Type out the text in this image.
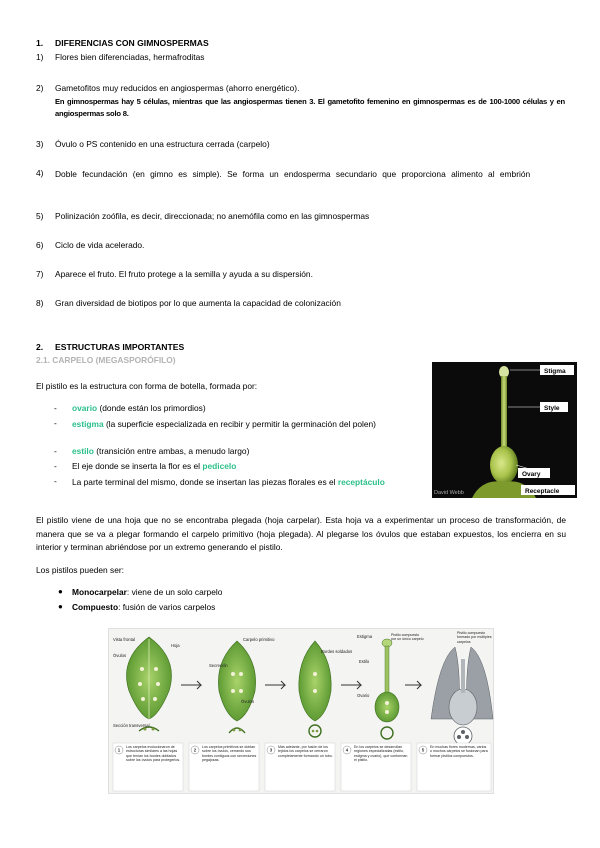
1. DIFERENCIAS CON GIMNOSPERMAS
1)	Flores bien diferenciadas, hermafroditas
2)	Gametofitos muy reducidos en angiospermas (ahorro energético).
En gimnospermas hay 5 células, mientras que las angiospermas tienen 3. El gametofito femenino en gimnospermas es de 100-1000 células y en angiospermas solo 8.
3)	Óvulo o PS contenido en una estructura cerrada (carpelo)
4)	Doble fecundación (en gimno es simple). Se forma un endosperma secundario que proporciona alimento al embrión
5)	Polinización zoófila, es decir, direccionada; no anemófila como en las gimnospermas
6)	Ciclo de vida acelerado.
7)	Aparece el fruto. El fruto protege a la semilla y ayuda a su dispersión.
8)	Gran diversidad de biotipos por lo que aumenta la capacidad de colonización
2. ESTRUCTURAS IMPORTANTES
2.1. CARPELO (MEGASPORÓFILO)
El pistilo es la estructura con forma de botella, formada por:
- ovario (donde están los primordios)
- estigma (la superficie especializada en recibir y permitir la germinación del polen)
- estilo (transición entre ambas, a menudo largo)
- El eje donde se inserta la flor es el pedicelo
- La parte terminal del mismo, donde se insertan las piezas florales es el receptáculo
Stigma
Style
Ovary
Receptacle
David Webb
El pistilo viene de una hoja que no se encontraba plegada (hoja carpelar). Esta hoja va a experimentar un proceso de transformación, de manera que se va a plegar formando el carpelo primitivo (hoja plegada). Al plegarse los óvulos que estaban expuestos, los encierra en su interior y terminan abriéndose por un extremo generando el pistilo.
Los pistilos pueden ser:
● Monocarpelar: viene de un solo carpelo
● Compuesto: fusión de varios carpelos
Vista frontal
Hoja
Óvulos
Sección transversal
Secreción
Carpelo primitivo
Óvulos
Bordes soldados
Estigma
Estilo
Ovario
1	2	3	4	5
Pistilo compuesto por un único carpelo
Pistilo compuesto formado por múltiples carpelos
Los carpelos evolucionaron de estructuras similares a las hojas que tenían los bordes doblados sobre los óvulos para protegerlos.
Los carpelos primitivos se doblan sobre los óvulos, cerrando sus bordes contiguos con secreciones pegajosas.
Más adelante, por fusión de los tejidos los carpelos se cerraron completamente formando un tubo.
En los carpelos se desarrollan regiones especializadas (estilo, estigma y ovario), que conforman el pistilo.
En muchas flores modernas, varios o muchos carpelos se fusionan para formar pistilos compuestos.
